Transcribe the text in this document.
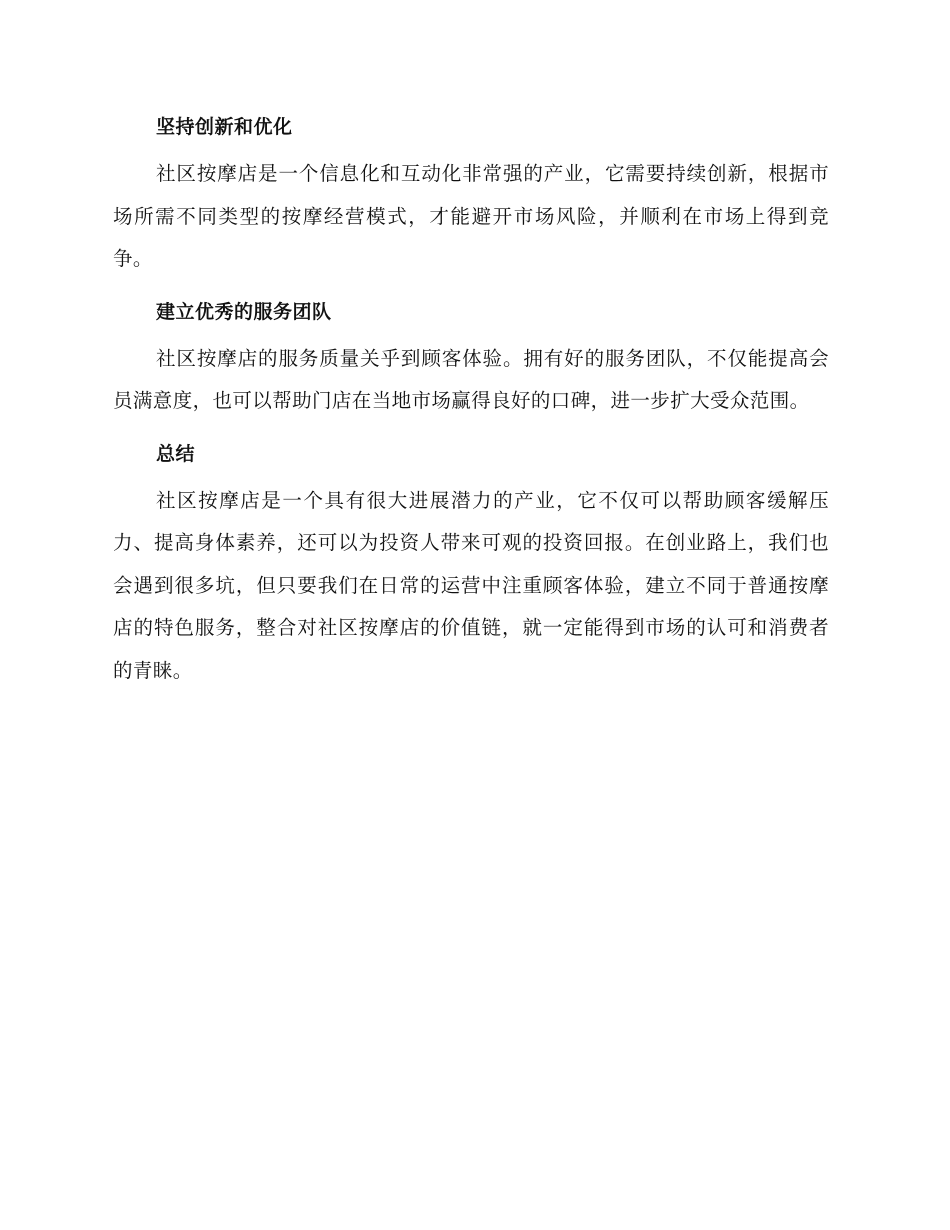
坚持创新和优化

社区按摩店是一个信息化和互动化非常强的产业，它需要持续创新，根据市场所需不同类型的按摩经营模式，才能避开市场风险，并顺利在市场上得到竞争。

建立优秀的服务团队

社区按摩店的服务质量关乎到顾客体验。拥有好的服务团队，不仅能提高会员满意度，也可以帮助门店在当地市场赢得良好的口碑，进一步扩大受众范围。

总结

社区按摩店是一个具有很大进展潜力的产业，它不仅可以帮助顾客缓解压力、提高身体素养，还可以为投资人带来可观的投资回报。在创业路上，我们也会遇到很多坑，但只要我们在日常的运营中注重顾客体验，建立不同于普通按摩店的特色服务，整合对社区按摩店的价值链，就一定能得到市场的认可和消费者的青睐。
